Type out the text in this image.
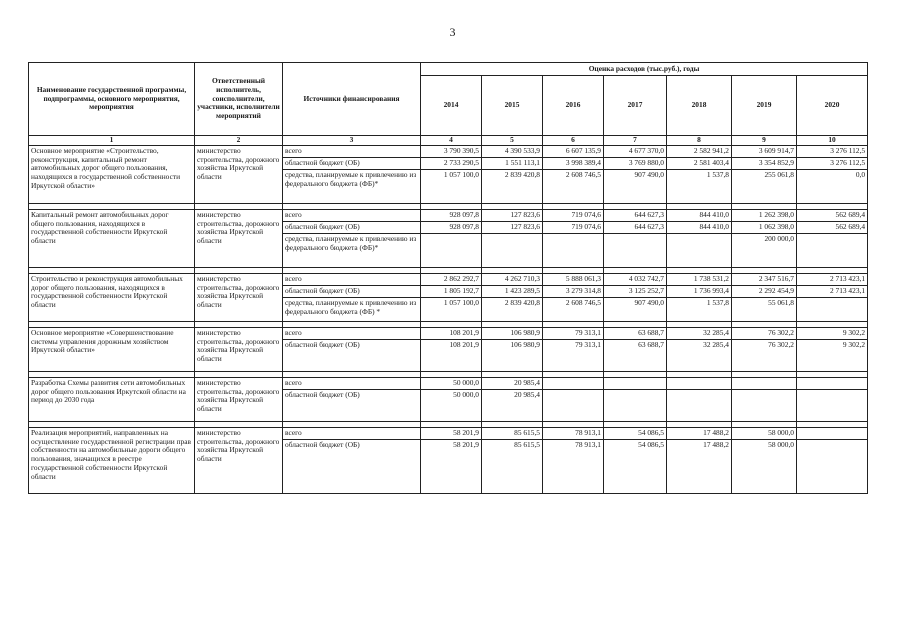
3
Наименование государственной программы, подпрограммы, основного мероприятия, мероприятия	Ответственный исполнитель, соисполнители, участники, исполнители мероприятий	Источники финансирования	Оценка расходов (тыс.руб.), годы						
			2014	2015	2016	2017	2018	2019	2020
1	2	3	4	5	6	7	8	9	10
Основное мероприятие «Строительство, реконструкция, капитальный ремонт автомобильных дорог общего пользования, находящихся в государственной собственности Иркутской области»	министерство строительства, дорожного хозяйства Иркутской области	всего	3 790 390,5	4 390 533,9	6 607 135,9	4 677 370,0	2 582 941,2	3 609 914,7	3 276 112,5
		областной бюджет (ОБ)	2 733 290,5	1 551 113,1	3 998 389,4	3 769 880,0	2 581 403,4	3 354 852,9	3 276 112,5
		средства, планируемые к привлечению из федерального бюджета (ФБ)*	1 057 100,0	2 839 420,8	2 608 746,5	907 490,0	1 537,8	255 061,8	0,0

Капитальный ремонт автомобильных дорог общего пользования, находящихся в государственной собственности Иркутской области	министерство строительства, дорожного хозяйства Иркутской области	всего	928 097,8	127 823,6	719 074,6	644 627,3	844 410,0	1 262 398,0	562 689,4
		областной бюджет (ОБ)	928 097,8	127 823,6	719 074,6	644 627,3	844 410,0	1 062 398,0	562 689,4
		средства, планируемые к привлечению из федерального бюджета (ФБ)*						200 000,0	

Строительство и реконструкция автомобильных дорог общего пользования, находящихся в государственной собственности Иркутской области	министерство строительства, дорожного хозяйства Иркутской области	всего	2 862 292,7	4 262 710,3	5 888 061,3	4 032 742,7	1 738 531,2	2 347 516,7	2 713 423,1
		областной бюджет (ОБ)	1 805 192,7	1 423 289,5	3 279 314,8	3 125 252,7	1 736 993,4	2 292 454,9	2 713 423,1
		средства, планируемые к привлечению из федерального бюджета (ФБ) *	1 057 100,0	2 839 420,8	2 608 746,5	907 490,0	1 537,8	55 061,8	

Основное мероприятие «Совершенствование системы управления дорожным хозяйством Иркутской области»	министерство строительства, дорожного хозяйства Иркутской области	всего	108 201,9	106 980,9	79 313,1	63 688,7	32 285,4	76 302,2	9 302,2
		областной бюджет (ОБ)	108 201,9	106 980,9	79 313,1	63 688,7	32 285,4	76 302,2	9 302,2

Разработка Схемы развития сети автомобильных дорог общего пользования Иркутской области на период до 2030 года	министерство строительства, дорожного хозяйства Иркутской области	всего	50 000,0	20 985,4					
		областной бюджет (ОБ)	50 000,0	20 985,4					

Реализация мероприятий, направленных на осуществление государственной регистрации прав собственности на автомобильные дороги общего пользования, значащихся в реестре государственной собственности Иркутской области	министерство строительства, дорожного хозяйства Иркутской области	всего	58 201,9	85 615,5	78 913,1	54 086,5	17 488,2	58 000,0	
		областной бюджет (ОБ)	58 201,9	85 615,5	78 913,1	54 086,5	17 488,2	58 000,0	
